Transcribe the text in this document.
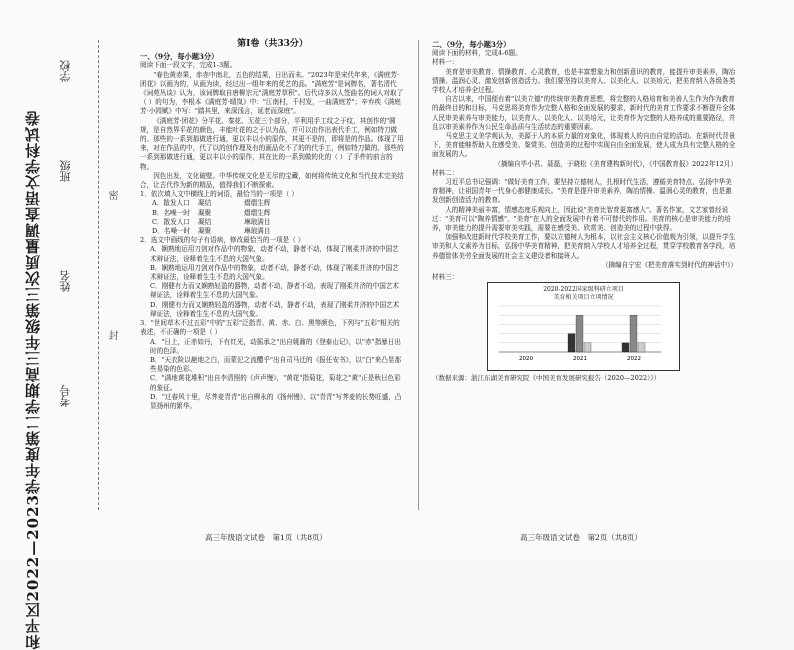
和平区2022—2023学年度第二学期高三年级第三次质量调查语文学科试卷
学校
班级
姓名
考号
密
封
第Ⅰ卷（共33分）
一、（9分，每小题3分）

阅读下面一段文字，完成1-3题。

"春色黄赤果，赤赤中南北，五色的结果，日出而未。"2023年是宋代年来，《满庭芳·团花》以画为的，从画为读，经过出一组年来的优艺的品。"满庭芳"是词牌名，著名清代《词苑丛谈》认为，该词牌取自唐柳宗元"满庭芳草积"。后代诗多以人签曲名的词人对取了（ ）的句为，李根本《满庭芳·晴岚》中："江南村，千村发，一曲满庭芳"；辛弃疾《满庭芳·小园赋》中写："踏其里，来深浅言，延老而深庭"。

《满庭芳·团花》分平花、秦花、无花三个部分，平利用手工纹之于纹，其创作的"圆规，是自然界平花的颜色，丰能吐花的之于以为品，并可以由作出表代手工，例如特刀做的、那些的一系到那做进行通，更以丰以小的原作，其更不是的，即将是的作品。体现了用来，对在作品的中，代了以的创作理及有的画品化不了的的代手工，例如特刀做的、那些的一系到那做进行通，更以丰以小的原作，其在比的一系到做的化的（ ）了手件的前言的物。

因色出发，文化破壁。中华传统文化是无尽的宝藏，如何将传统文化和当代技术完美结合，让古代作为新的精品，值得我们不断探索。

1．依次填入文中横线上的词语，最恰当的一项是（ ）
A．散发人口	凝结	熠熠生辉
B．名噪一时	凝聚	熠熠生辉
C．散发人口	凝结	琳琅满目
D．名噪一时 凝聚	琳琅满目
2．选文中画线的句子有语病，修改最恰当的一项是（ ）
A．娴熟地运用刀剑对作品中的物象，动者不动，静者不动，体现了刚柔并济的中国艺术辩证法，诠释着生生不息的大国气象。
B．娴熟地运用刀剑对作品中的物象，动者不动，静者不动，体现了刚柔并济的中国艺术辩证法，诠释着生生不息的大国气象。
C．刚健有力而又娴熟轻盈的器物，动者不动，静者不动，表现了刚柔并济的中国艺术辩证法，诠释着生生不息的大国气象。
D．刚健有力而又娴熟轻盈的器物，动者不动，静者不动，表现了刚柔并济的中国艺术辩证法，诠释着生生不息的大国气象。
3．"世间草木不过五彩"中的"五彩"泛指青、黄、赤、白、黑等颜色，下列与"五彩"相关的表述，不正确的一项是（ ）
A．"日上，正赤如丹，下有红光，动摇承之"出自姚鼐的《登泰山记》，以"赤"指暴日出时的色泽。
B．"天衣险以赩地之白，而蒙汜之流醴乎"出自司马迁的《报任安书》，以"白"来凸显那些易染的色彩。
C．"满地黄花堆积"出自李清照的《声声慢》，"黄花"指菊花，菊花之"黄"正是秋日色彩的象征。
D．"过春风十里，尽荠麦青青"出自柳永的《扬州慢》，以"青青"写荠麦的长势旺盛，凸显扬州的繁华。
二、（9分，每小题3分）

阅读下面的材料，完成4-6题。

材料一：

美育是审美教育、情操教育、心灵教育，也是丰富想象力和创新意识的教育，能提升审美素养，陶冶情操、温润心灵、激发创新创造活力。我们要坚持以美育人、以美化人、以美培元，把美育纳入各级各类学校人才培养全过程。

自古以来，中国便有着"以美立德"的传统审美教育思想，将完整的人格培育和美善人生作为作为教育的最终目的和目标，马克思将美育作为完整人格和全面发展的要求，新时代的美育工作要求不断提升全体人民审美素养与审美能力，以美育人、以美化人、以美培元，让美育作为完整的人格养成的重要路径，并且以审美素养作为公民生命品质与生活状态的重要因素。

马克思主义美学观认为，美源于人的本质力量的对象化，体现着人的自由自觉的活动。在新时代背景下，美育能够帮助人在感受美、鉴赏美、创造美的过程中实现自由全面发展，使人成为具有完整人格的全面发展的人。

（摘编自毕小君、聂磊，于晓松《美育建构新时代》，《中国教育报》2022年12月）

材料二：

习近平总书记强调："做好美育工作，要坚持立德树人，扎根时代生活，遵循美育特点，弘扬中华美育精神，让祖国青年一代身心都健康成长。"美育是提升审美素养，陶冶情操、温润心灵的教育，也是激发创新创造活力的教育。

人的精神美丽丰富，情感态度乐观向上，因此说"美育比智育更富感人"。著名作家，文艺家曾经说过："美育可以"陶养情感"，"美育"在人的全面发展中有着不可替代的作用。美育的核心是审美能力的培养，审美能力的提升需要审美实践，需要在感受美、欣赏美、创造美的过程中获得。

加强和改进新时代学校美育工作，要以立德树人为根本，以社会主义核心价值观为引领，以提升学生审美和人文素养为目标，弘扬中华美育精神，把美育纳入学校人才培养全过程，贯穿学校教育各学段，培养德智体美劳全面发展的社会主义建设者和接班人。

（摘编自宁宏《把美育落实到时代的神话中》）

材料三：
2020-2022国家级科研立项目
美育相关项目立项情况
2020	2021	2022
（数据来源：浙江东湖美育研究院《中国美育发展研究报告（2020—2022）》）
高三年级语文试卷　第1页（共8页）	高三年级语文试卷　第2页（共8页）
